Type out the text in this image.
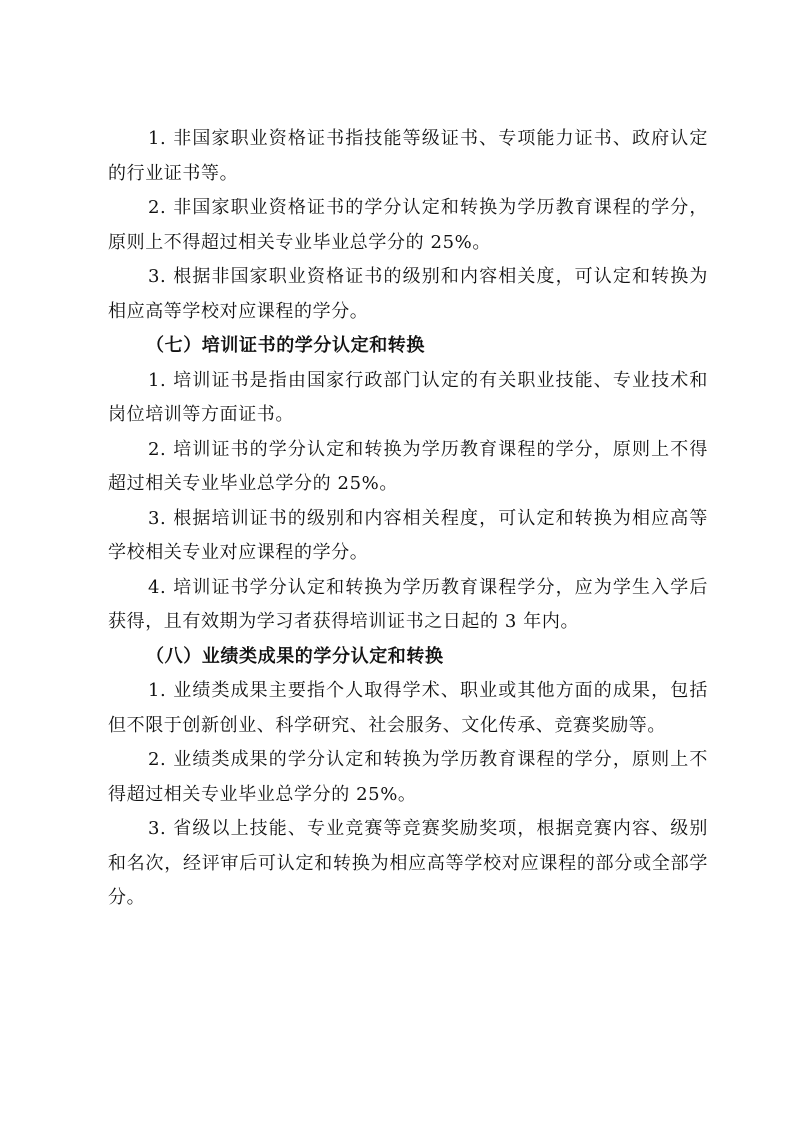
1. 非国家职业资格证书指技能等级证书、专项能力证书、政府认定的行业证书等。

2. 非国家职业资格证书的学分认定和转换为学历教育课程的学分，原则上不得超过相关专业毕业总学分的 25%。

3. 根据非国家职业资格证书的级别和内容相关度，可认定和转换为相应高等学校对应课程的学分。

（七）培训证书的学分认定和转换

1. 培训证书是指由国家行政部门认定的有关职业技能、专业技术和岗位培训等方面证书。

2. 培训证书的学分认定和转换为学历教育课程的学分，原则上不得超过相关专业毕业总学分的 25%。

3. 根据培训证书的级别和内容相关程度，可认定和转换为相应高等学校相关专业对应课程的学分。

4. 培训证书学分认定和转换为学历教育课程学分，应为学生入学后获得，且有效期为学习者获得培训证书之日起的 3 年内。

（八）业绩类成果的学分认定和转换

1. 业绩类成果主要指个人取得学术、职业或其他方面的成果，包括但不限于创新创业、科学研究、社会服务、文化传承、竞赛奖励等。

2. 业绩类成果的学分认定和转换为学历教育课程的学分，原则上不得超过相关专业毕业总学分的 25%。

3. 省级以上技能、专业竞赛等竞赛奖励奖项，根据竞赛内容、级别和名次，经评审后可认定和转换为相应高等学校对应课程的部分或全部学分。
